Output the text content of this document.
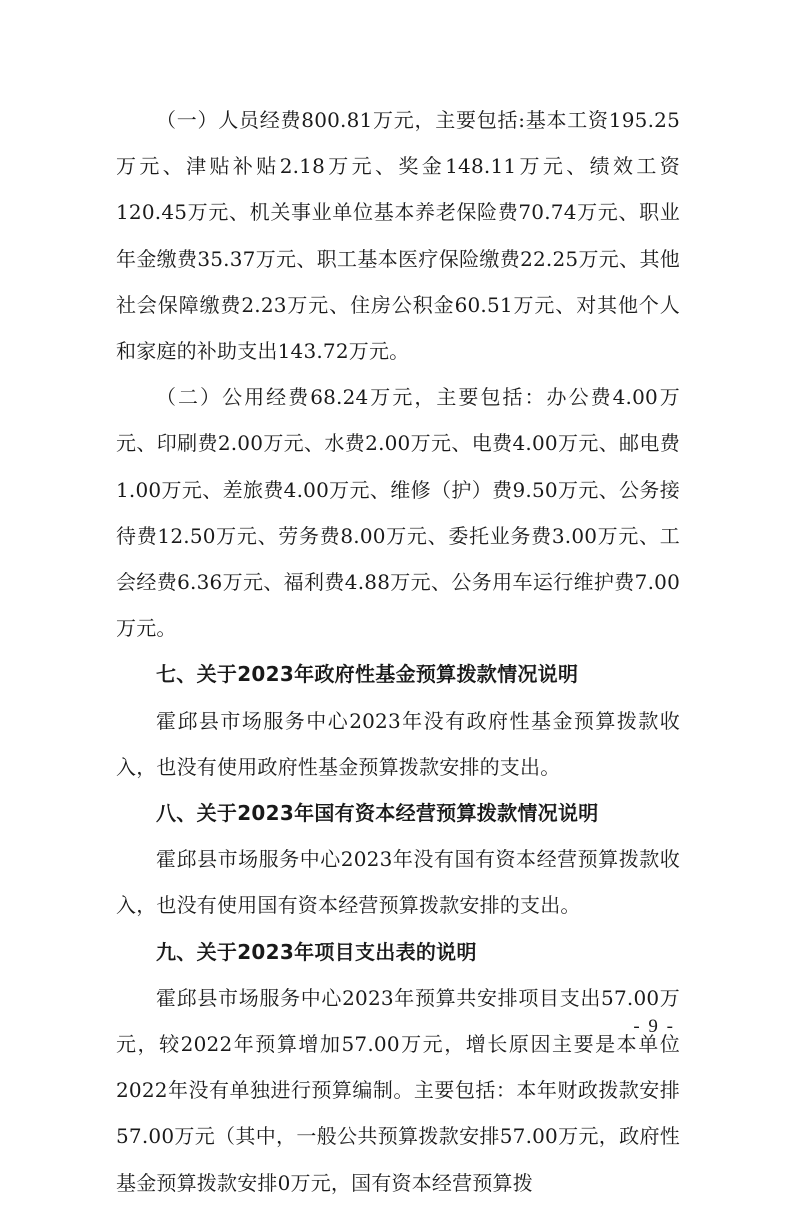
（一）人员经费800.81万元，主要包括:基本工资195.25万元、津贴补贴2.18万元、奖金148.11万元、绩效工资120.45万元、机关事业单位基本养老保险费70.74万元、职业年金缴费35.37万元、职工基本医疗保险缴费22.25万元、其他社会保障缴费2.23万元、住房公积金60.51万元、对其他个人和家庭的补助支出143.72万元。

（二）公用经费68.24万元，主要包括：办公费4.00万元、印刷费2.00万元、水费2.00万元、电费4.00万元、邮电费1.00万元、差旅费4.00万元、维修（护）费9.50万元、公务接待费12.50万元、劳务费8.00万元、委托业务费3.00万元、工会经费6.36万元、福利费4.88万元、公务用车运行维护费7.00万元。

七、关于2023年政府性基金预算拨款情况说明

霍邱县市场服务中心2023年没有政府性基金预算拨款收入，也没有使用政府性基金预算拨款安排的支出。

八、关于2023年国有资本经营预算拨款情况说明

霍邱县市场服务中心2023年没有国有资本经营预算拨款收入，也没有使用国有资本经营预算拨款安排的支出。

九、关于2023年项目支出表的说明

霍邱县市场服务中心2023年预算共安排项目支出57.00万元，较2022年预算增加57.00万元，增长原因主要是本单位2022年没有单独进行预算编制。主要包括：本年财政拨款安排57.00万元（其中，一般公共预算拨款安排57.00万元，政府性基金预算拨款安排0万元，国有资本经营预算拨

- 9 -
